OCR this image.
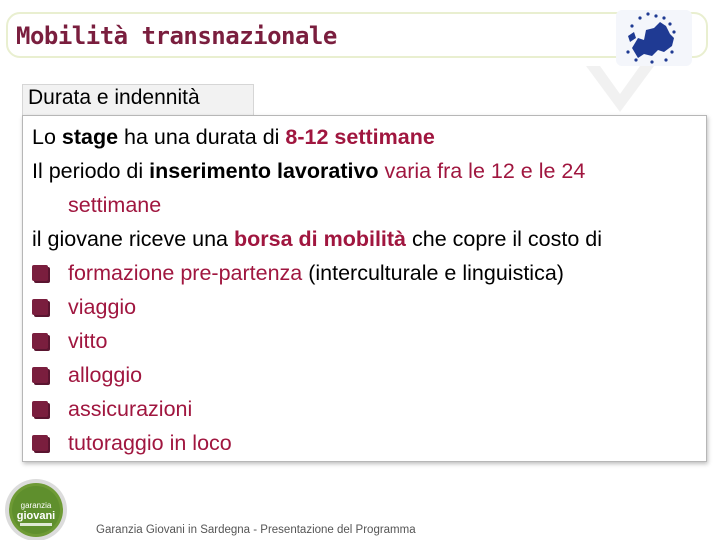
Mobilità transnazionale
Durata e indennità
Lo stage ha una durata di 8-12 settimane
Il periodo di inserimento lavorativo varia fra le 12 e le 24
settimane
il giovane riceve una borsa di mobilità che copre il costo di
formazione pre-partenza (interculturale e linguistica)
viaggio
vitto
alloggio
assicurazioni
tutoraggio in loco
garanzia
giovani
Garanzia Giovani in Sardegna - Presentazione del Programma
